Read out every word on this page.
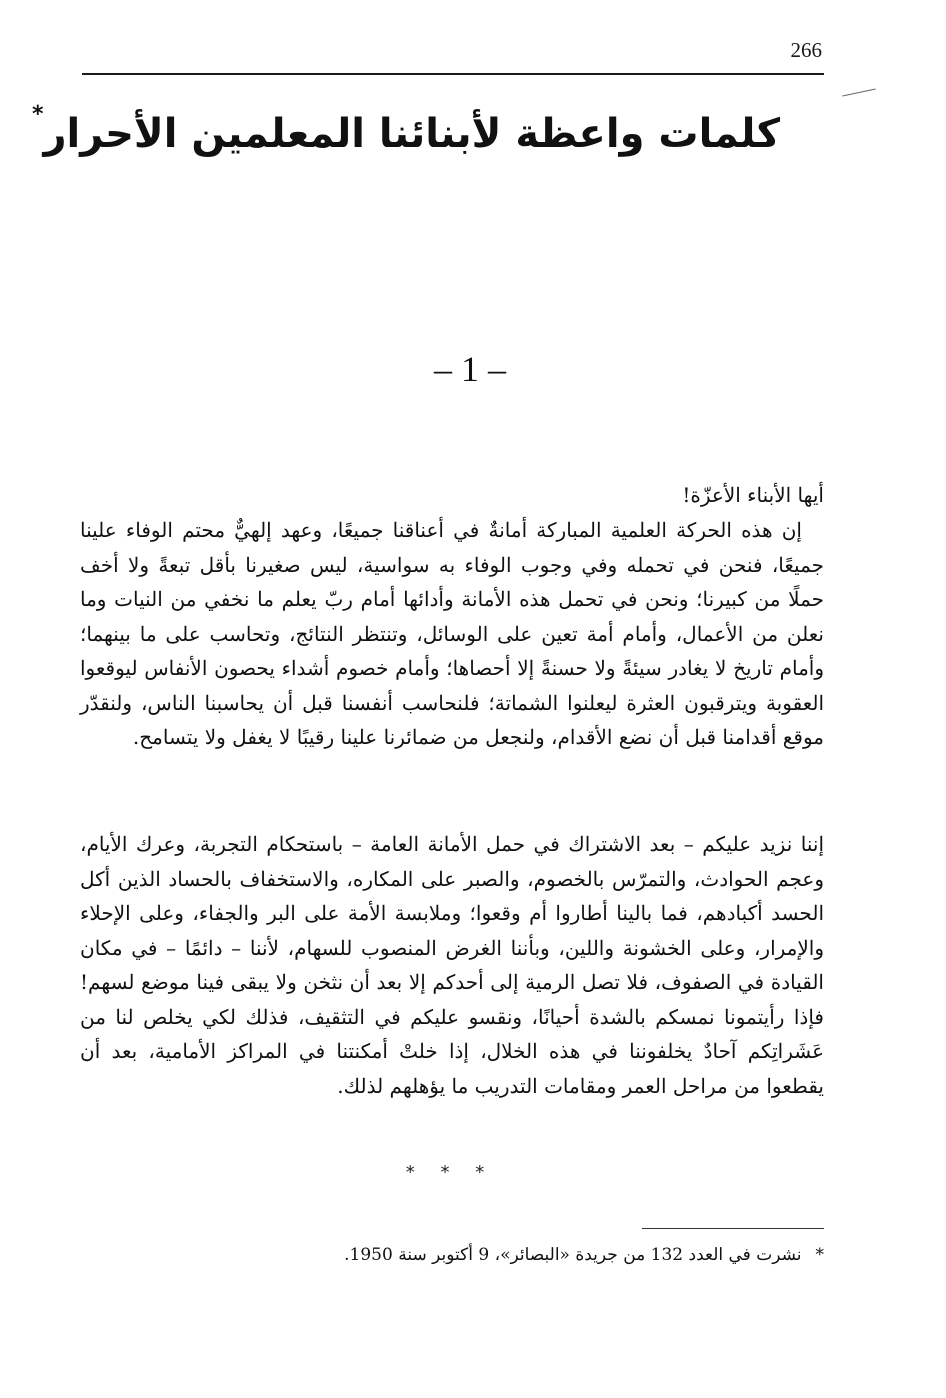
266
كلمات واعظة لأبنائنا المعلمين الأحرار*
– 1 –

أيها الأبناء الأعزّة!

إن هذه الحركة العلمية المباركة أمانةٌ في أعناقنا جميعًا، وعهد إلهيٌّ محتم الوفاء علينا جميعًا، فنحن في تحمله وفي وجوب الوفاء به سواسية، ليس صغيرنا بأقل تبعةً ولا أخف حملًا من كبيرنا؛ ونحن في تحمل هذه الأمانة وأدائها أمام ربّ يعلم ما نخفي من النيات وما نعلن من الأعمال، وأمام أمة تعين على الوسائل، وتنتظر النتائج، وتحاسب على ما بينهما؛ وأمام تاريخ لا يغادر سيئةً ولا حسنةً إلا أحصاها؛ وأمام خصوم أشداء يحصون الأنفاس ليوقعوا العقوبة ويترقبون العثرة ليعلنوا الشماتة؛ فلنحاسب أنفسنا قبل أن يحاسبنا الناس، ولنقدّر موقع أقدامنا قبل أن نضع الأقدام، ولنجعل من ضمائرنا علينا رقيبًا لا يغفل ولا يتسامح.

إننا نزيد عليكم – بعد الاشتراك في حمل الأمانة العامة – باستحكام التجربة، وعرك الأيام، وعجم الحوادث، والتمرّس بالخصوم، والصبر على المكاره، والاستخفاف بالحساد الذين أكل الحسد أكبادهم، فما بالينا أطاروا أم وقعوا؛ وملابسة الأمة على البر والجفاء، وعلى الإحلاء والإمرار، وعلى الخشونة واللين، وبأننا الغرض المنصوب للسهام، لأننا – دائمًا – في مكان القيادة في الصفوف، فلا تصل الرمية إلى أحدكم إلا بعد أن نثخن ولا يبقى فينا موضع لسهم! فإذا رأيتمونا نمسكم بالشدة أحيانًا، ونقسو عليكم في التثقيف، فذلك لكي يخلص لنا من عَشَراتِكم آحادٌ يخلفوننا في هذه الخلال، إذا خلتْ أمكنتنا في المراكز الأمامية، بعد أن يقطعوا من مراحل العمر ومقامات التدريب ما يؤهلهم لذلك.

* * *
*نشرت في العدد 132 من جريدة «البصائر»، 9 أكتوبر سنة 1950.
